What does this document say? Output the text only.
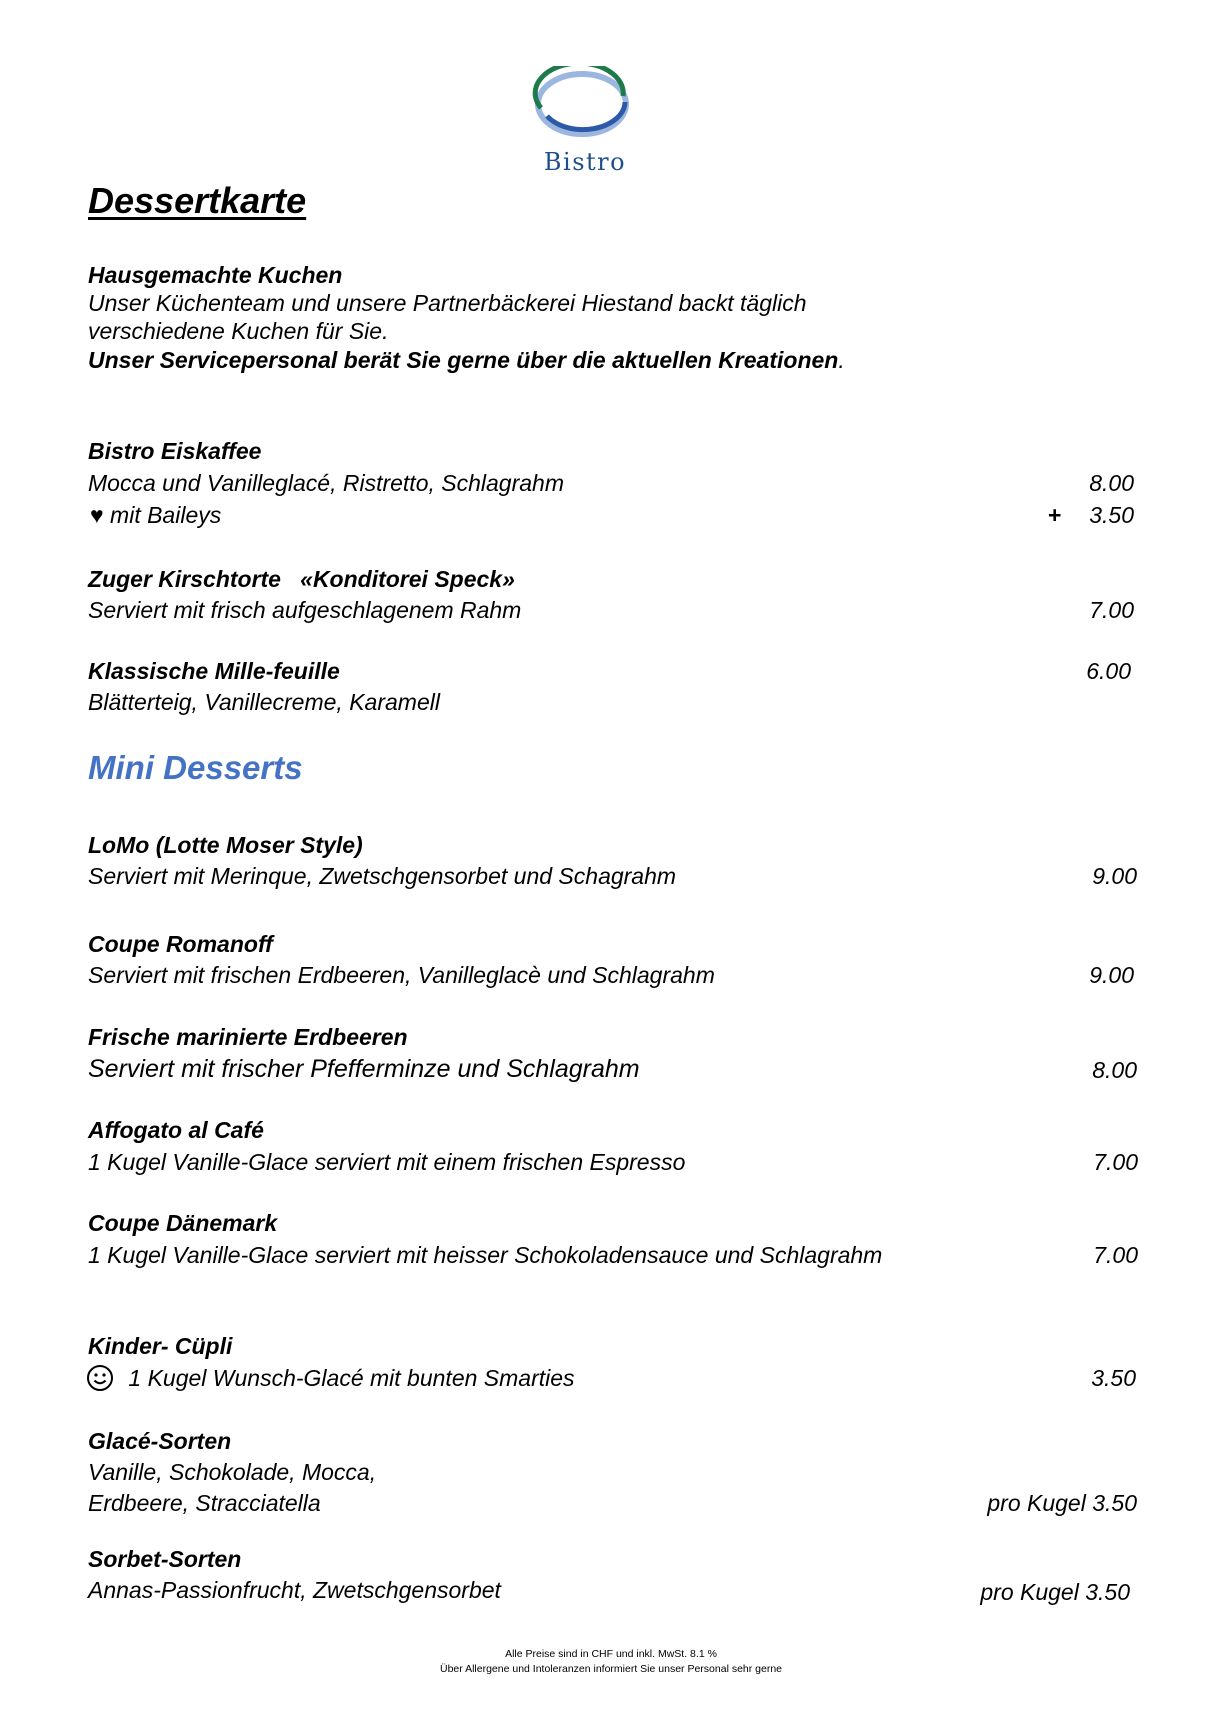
Bistro
Dessertkarte
Hausgemachte Kuchen
Unser Küchenteam und unsere Partnerbäckerei Hiestand backt täglich
verschiedene Kuchen für Sie.
Unser Servicepersonal berät Sie gerne über die aktuellen Kreationen.
Bistro Eiskaffee
Mocca und Vanilleglacé, Ristretto, Schlagrahm	8.00
♥ mit Baileys	+	3.50
Zuger Kirschtorte «Konditorei Speck»
Serviert mit frisch aufgeschlagenem Rahm	7.00
Klassische Mille-feuille	6.00
Blätterteig, Vanillecreme, Karamell
Mini Desserts
LoMo (Lotte Moser Style)
Serviert mit Merinque, Zwetschgensorbet und Schagrahm	9.00
Coupe Romanoff
Serviert mit frischen Erdbeeren, Vanilleglacè und Schlagrahm	9.00
Frische marinierte Erdbeeren
Serviert mit frischer Pfefferminze und Schlagrahm	8.00
Affogato al Café
1 Kugel Vanille-Glace serviert mit einem frischen Espresso	7.00
Coupe Dänemark
1 Kugel Vanille-Glace serviert mit heisser Schokoladensauce und Schlagrahm	7.00
Kinder- Cüpli
1 Kugel Wunsch-Glacé mit bunten Smarties	3.50
Glacé-Sorten
Vanille, Schokolade, Mocca,
Erdbeere, Stracciatella	pro Kugel 3.50
Sorbet-Sorten
Annas-Passionfrucht, Zwetschgensorbet	pro Kugel 3.50
Alle Preise sind in CHF und inkl. MwSt. 8.1 %
Über Allergene und Intoleranzen informiert Sie unser Personal sehr gerne
